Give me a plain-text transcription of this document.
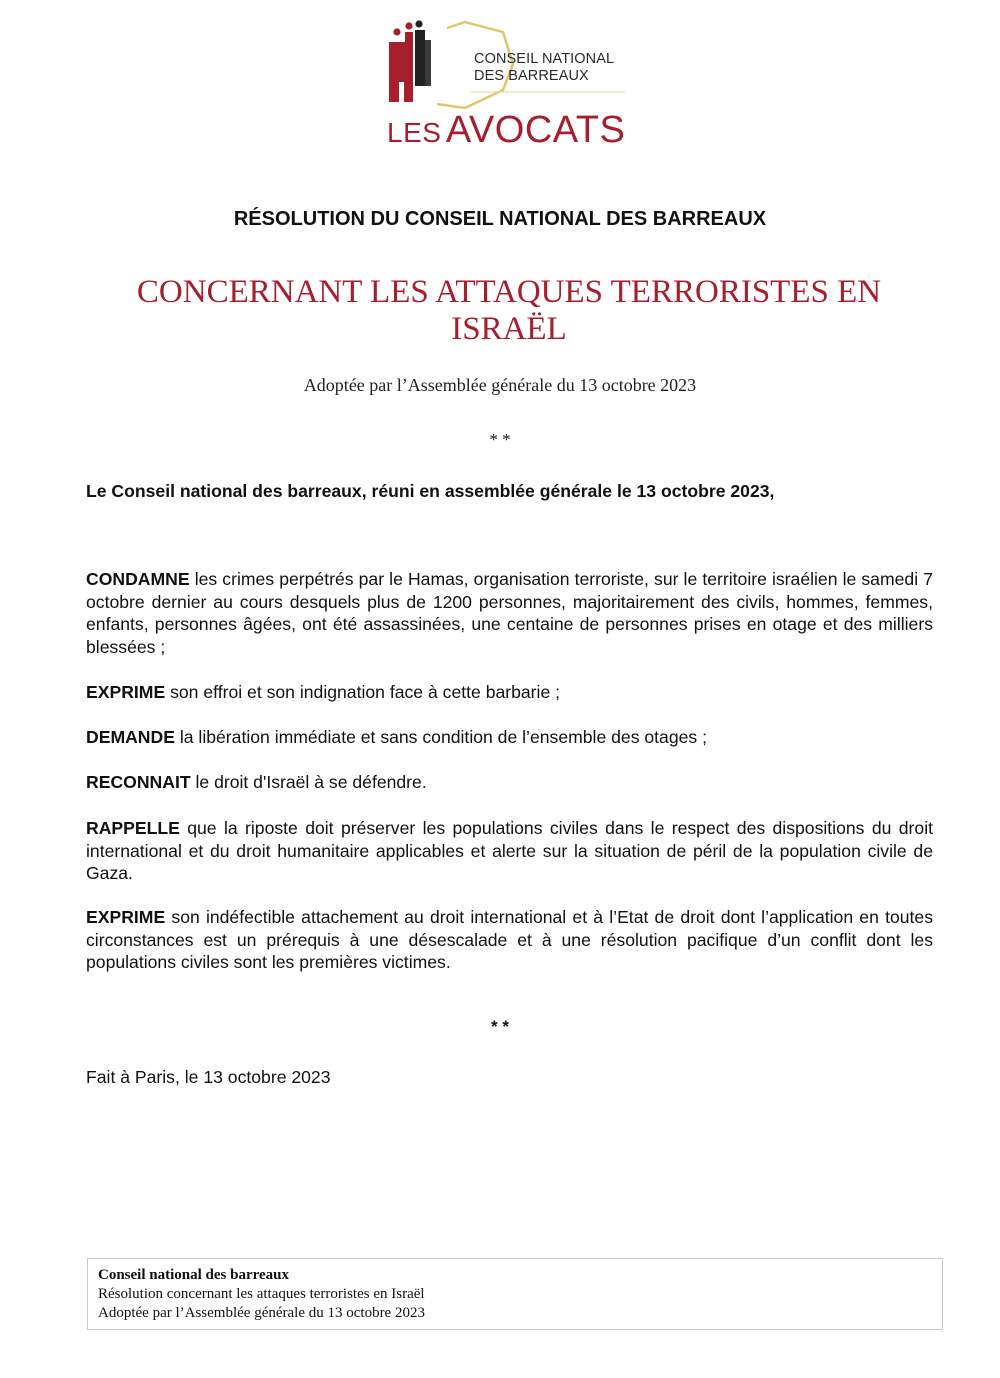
CONSEIL NATIONAL
DES BARREAUX
LES AVOCATS
RÉSOLUTION DU CONSEIL NATIONAL DES BARREAUX
CONCERNANT LES ATTAQUES TERRORISTES EN ISRAËL
Adoptée par l’Assemblée générale du 13 octobre 2023
* *
Le Conseil national des barreaux, réuni en assemblée générale le 13 octobre 2023,
CONDAMNE les crimes perpétrés par le Hamas, organisation terroriste, sur le territoire israélien le samedi 7 octobre dernier au cours desquels plus de 1200 personnes, majoritairement des civils, hommes, femmes, enfants, personnes âgées, ont été assassinées, une centaine de personnes prises en otage et des milliers blessées ;
EXPRIME son effroi et son indignation face à cette barbarie ;
DEMANDE la libération immédiate et sans condition de l’ensemble des otages ;
RECONNAIT le droit d'Israël à se défendre.
RAPPELLE que la riposte doit préserver les populations civiles dans le respect des dispositions du droit international et du droit humanitaire applicables et alerte sur la situation de péril de la population civile de Gaza.
EXPRIME son indéfectible attachement au droit international et à l’Etat de droit dont l’application en toutes circonstances est un prérequis à une désescalade et à une résolution pacifique d’un conflit dont les populations civiles sont les premières victimes.
* *
Fait à Paris, le 13 octobre 2023
Conseil national des barreaux
Résolution concernant les attaques terroristes en Israël
Adoptée par l’Assemblée générale du 13 octobre 2023
